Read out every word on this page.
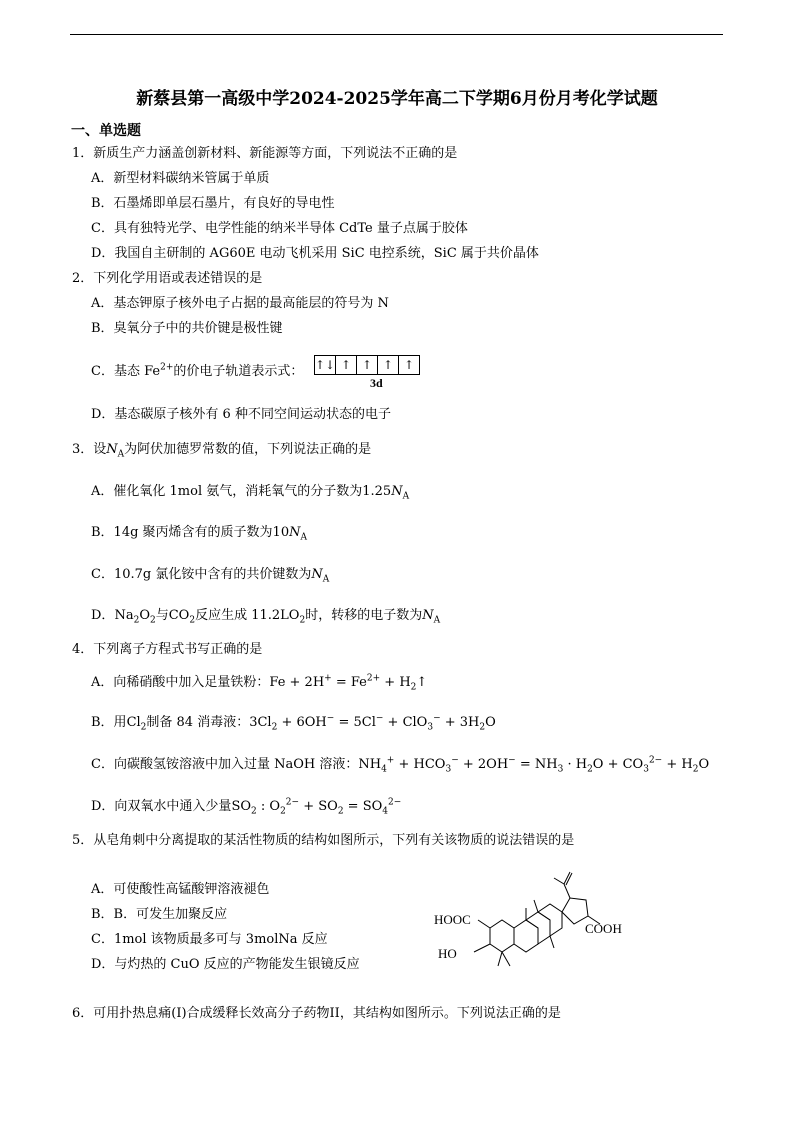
新蔡县第一高级中学2024-2025学年高二下学期6月份月考化学试题
一、单选题
1．新质生产力涵盖创新材料、新能源等方面，下列说法不正确的是
A．新型材料碳纳米管属于单质
B．石墨烯即单层石墨片，有良好的导电性
C．具有独特光学、电学性能的纳米半导体 CdTe 量子点属于胶体
D．我国自主研制的 AG60E 电动飞机采用 SiC 电控系统，SiC 属于共价晶体
2．下列化学用语或表述错误的是
A．基态钾原子核外电子占据的最高能层的符号为 N
B．臭氧分子中的共价键是极性键
C．基态 $Fe^{2+}$的价电子轨道表示式： ↑↓ ↑ ↑ ↑ ↑
3d
D．基态碳原子核外有 6 种不同空间运动状态的电子
3．设$N_A$为阿伏加德罗常数的值，下列说法正确的是
A．催化氧化 1mol 氨气，消耗氧气的分子数为$1.25N_A$
B．14g 聚丙烯含有的质子数为$10N_A$
C．10.7g 氯化铵中含有的共价键数为$N_A$
D．$Na_2O_2$与$CO_2$反应生成 $11.2LO_2$时，转移的电子数为$N_A$
4．下列离子方程式书写正确的是
A．向稀硝酸中加入足量铁粉：$Fe + 2H^+ = Fe^{2+}$ + $H_2↑$
B．用$Cl_2$制备 84 消毒液：$3Cl_2 + 6OH^- = 5Cl^- + ClO_3^- + 3H_2O$
C．向碳酸氢铵溶液中加入过量 NaOH 溶液：$NH_4^+ + HCO_3^- + 2OH^- = NH_3 \cdot H_2O + CO_3^{2-} + H_2O$
D．向双氧水中通入少量$SO_2$ : $O_2^{2-} + SO_2 = SO_4^{2-}$
5．从皂角刺中分离提取的某活性物质的结构如图所示，下列有关该物质的说法错误的是
A．可使酸性高锰酸钾溶液褪色
B．B．可发生加聚反应
C．1mol 该物质最多可与 3molNa 反应
D．与灼热的 CuO 反应的产物能发生银镜反应
HOOC
COOH
HO
6．可用扑热息痛(I)合成缓释长效高分子药物II，其结构如图所示。下列说法正确的是
